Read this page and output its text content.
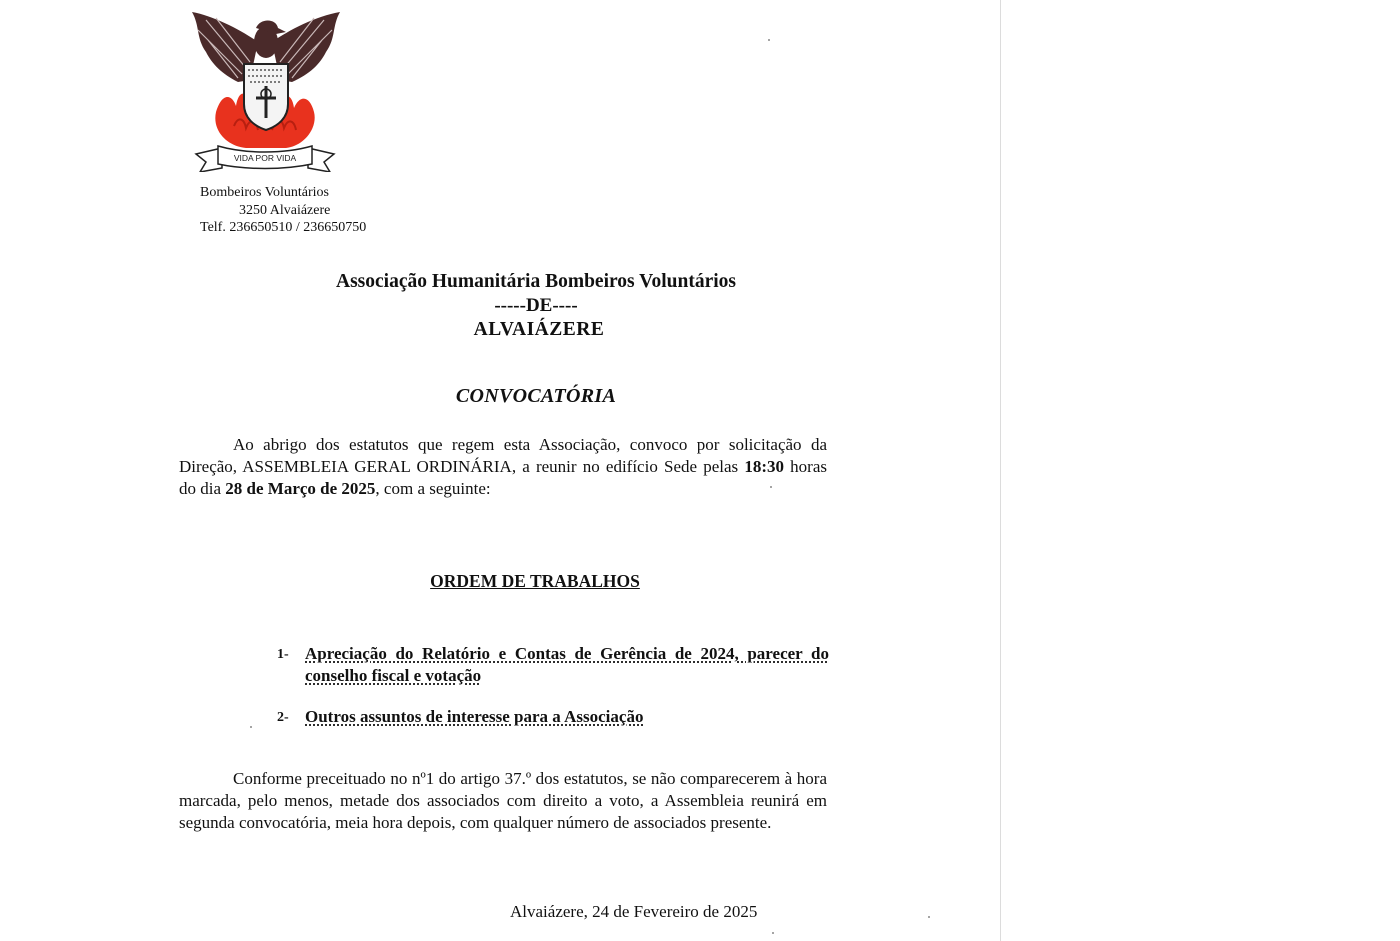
VIDA POR VIDA
Bombeiros Voluntários
3250 Alvaiázere
Telf. 236650510 / 236650750
Associação Humanitária Bombeiros Voluntários
-----DE----
ALVAIÁZERE
CONVOCATÓRIA

Ao abrigo dos estatutos que regem esta Associação, convoco por solicitação da Direção, ASSEMBLEIA GERAL ORDINÁRIA, a reunir no edifício Sede pelas 18:30 horas do dia 28 de Março de 2025, com a seguinte:

ORDEM DE TRABALHOS
1- Apreciação do Relatório e Contas de Gerência de 2024, parecer do conselho fiscal e votação
2- Outros assuntos de interesse para a Associação

Conforme preceituado no nº1 do artigo 37.º dos estatutos, se não comparecerem à hora marcada, pelo menos, metade dos associados com direito a voto, a Assembleia reunirá em segunda convocatória, meia hora depois, com qualquer número de associados presente.

Alvaiázere, 24 de Fevereiro de 2025
